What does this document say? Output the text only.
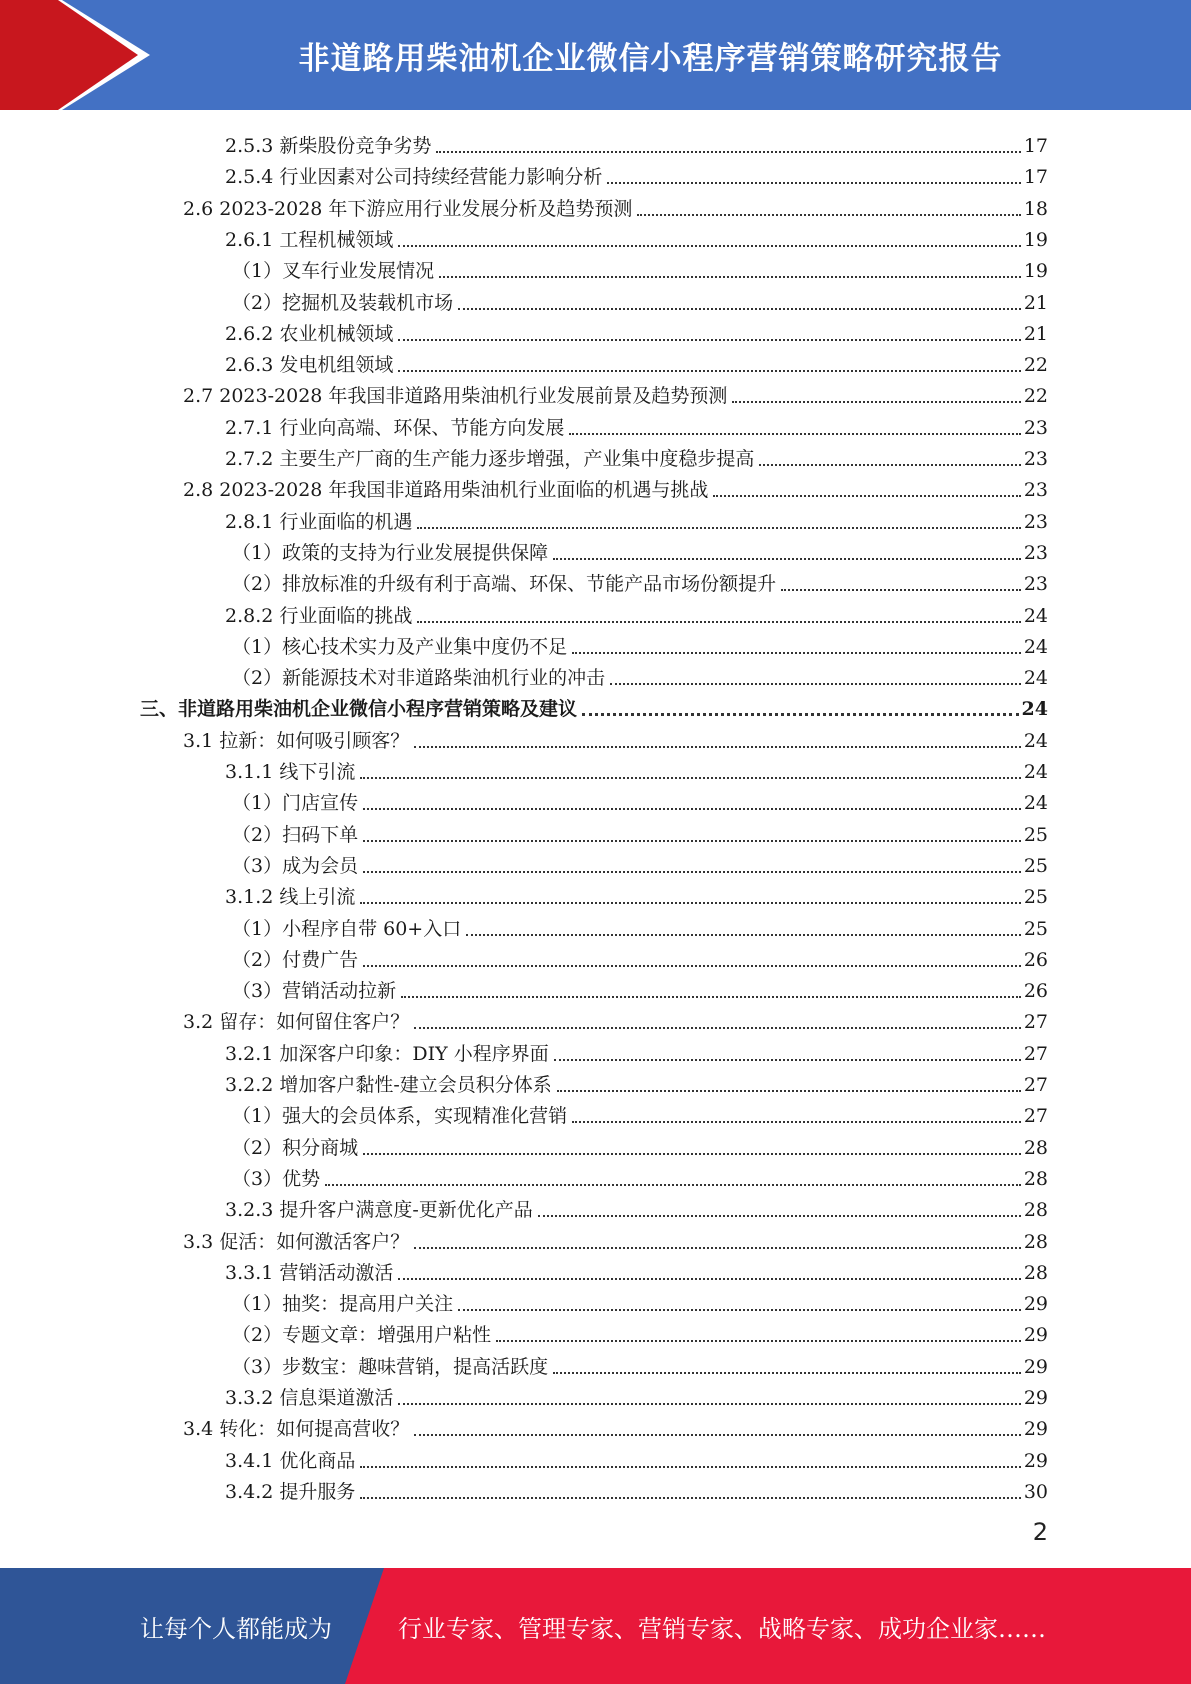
非道路用柴油机企业微信小程序营销策略研究报告
2.5.3 新柴股份竞争劣势	17
2.5.4 行业因素对公司持续经营能力影响分析	17
2.6 2023-2028 年下游应用行业发展分析及趋势预测	18
2.6.1 工程机械领域	19
（1）叉车行业发展情况	19
（2）挖掘机及装载机市场	21
2.6.2 农业机械领域	21
2.6.3 发电机组领域	22
2.7 2023-2028 年我国非道路用柴油机行业发展前景及趋势预测	22
2.7.1 行业向高端、环保、节能方向发展	23
2.7.2 主要生产厂商的生产能力逐步增强，产业集中度稳步提高	23
2.8 2023-2028 年我国非道路用柴油机行业面临的机遇与挑战	23
2.8.1 行业面临的机遇	23
（1）政策的支持为行业发展提供保障	23
（2）排放标准的升级有利于高端、环保、节能产品市场份额提升	23
2.8.2 行业面临的挑战	24
（1）核心技术实力及产业集中度仍不足	24
（2）新能源技术对非道路柴油机行业的冲击	24
三、非道路用柴油机企业微信小程序营销策略及建议	24
3.1 拉新：如何吸引顾客？	24
3.1.1 线下引流	24
（1）门店宣传	24
（2）扫码下单	25
（3）成为会员	25
3.1.2 线上引流	25
（1）小程序自带 60+入口	25
（2）付费广告	26
（3）营销活动拉新	26
3.2 留存：如何留住客户？	27
3.2.1 加深客户印象：DIY 小程序界面	27
3.2.2 增加客户黏性-建立会员积分体系	27
（1）强大的会员体系，实现精准化营销	27
（2）积分商城	28
（3）优势	28
3.2.3 提升客户满意度-更新优化产品	28
3.3 促活：如何激活客户？	28
3.3.1 营销活动激活	28
（1）抽奖：提高用户关注	29
（2）专题文章：增强用户粘性	29
（3）步数宝：趣味营销，提高活跃度	29
3.3.2 信息渠道激活	29
3.4 转化：如何提高营收？	29
3.4.1 优化商品	29
3.4.2 提升服务	30
2
让每个人都能成为	行业专家、管理专家、营销专家、战略专家、成功企业家……
